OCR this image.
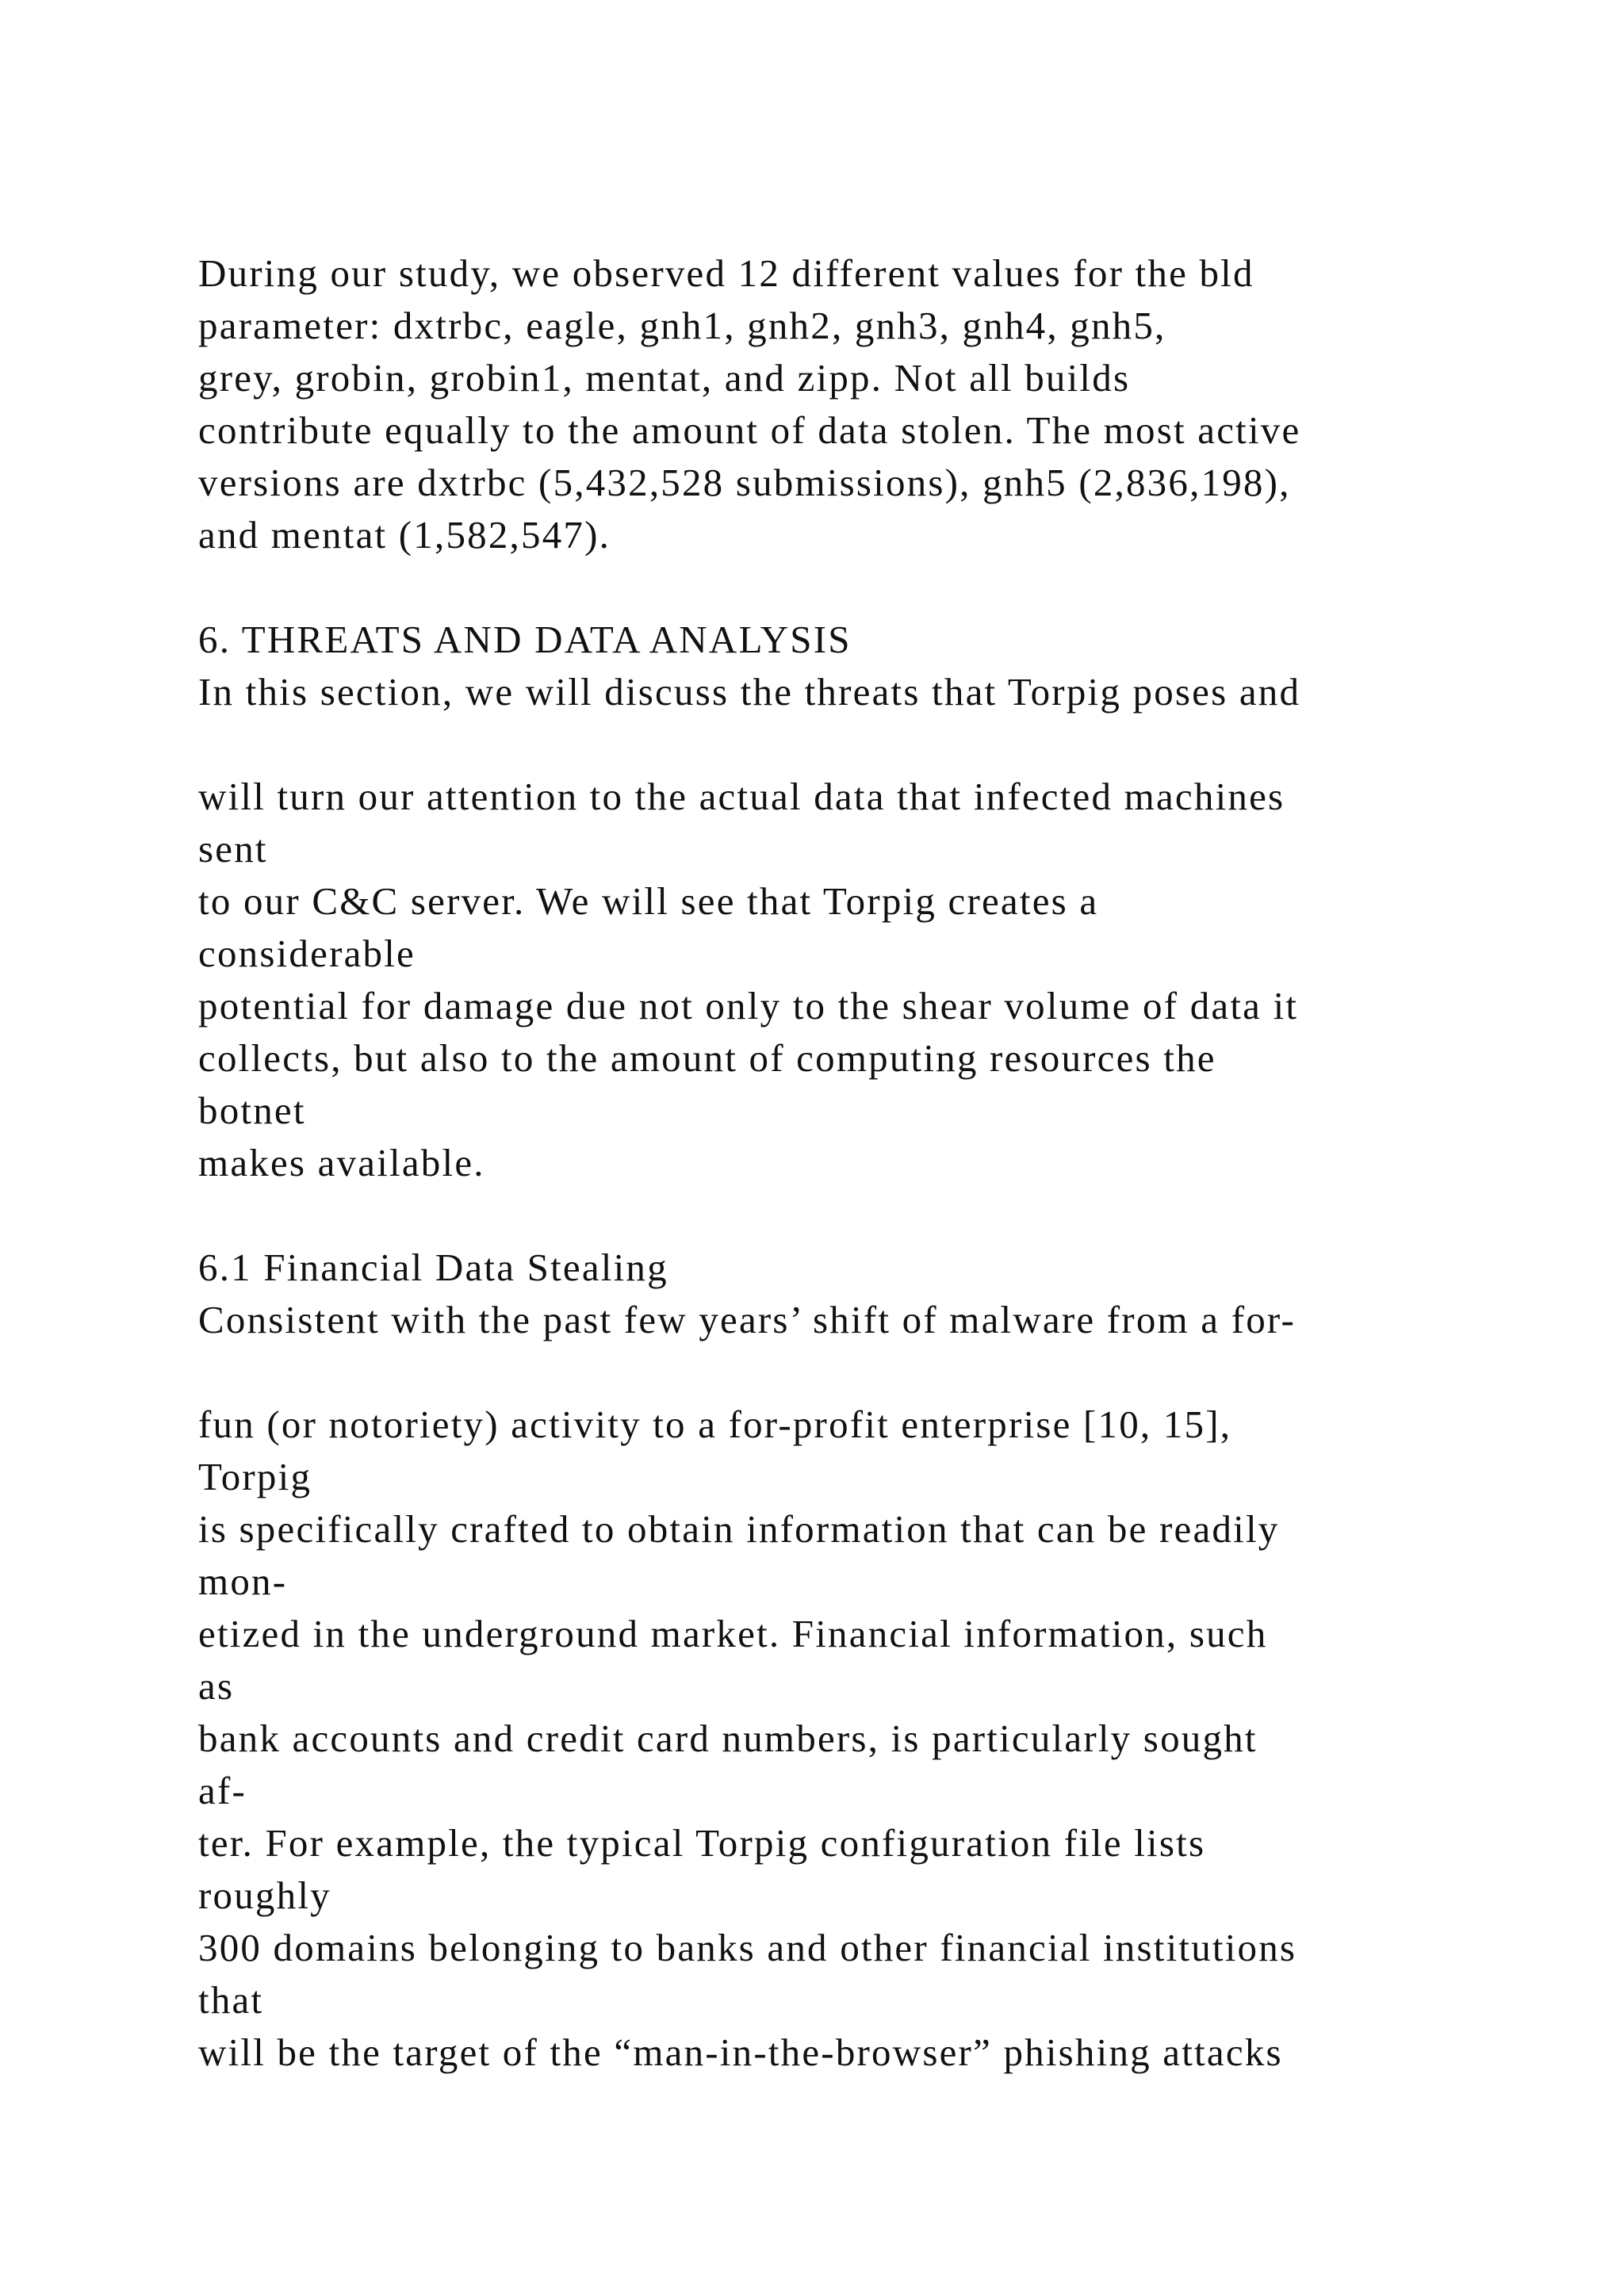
During our study, we observed 12 different values for the bld
parameter: dxtrbc, eagle, gnh1, gnh2, gnh3, gnh4, gnh5,
grey, grobin, grobin1, mentat, and zipp. Not all builds
contribute equally to the amount of data stolen. The most active
versions are dxtrbc (5,432,528 submissions), gnh5 (2,836,198),
and mentat (1,582,547).
6. THREATS AND DATA ANALYSIS
In this section, we will discuss the threats that Torpig poses and
will turn our attention to the actual data that infected machines
sent
to our C&C server. We will see that Torpig creates a
considerable
potential for damage due not only to the shear volume of data it
collects, but also to the amount of computing resources the
botnet
makes available.
6.1 Financial Data Stealing
Consistent with the past few years’ shift of malware from a for-
fun (or notoriety) activity to a for-profit enterprise [10, 15],
Torpig
is specifically crafted to obtain information that can be readily
mon-
etized in the underground market. Financial information, such
as
bank accounts and credit card numbers, is particularly sought
af-
ter. For example, the typical Torpig configuration file lists
roughly
300 domains belonging to banks and other financial institutions
that
will be the target of the “man-in-the-browser” phishing attacks
